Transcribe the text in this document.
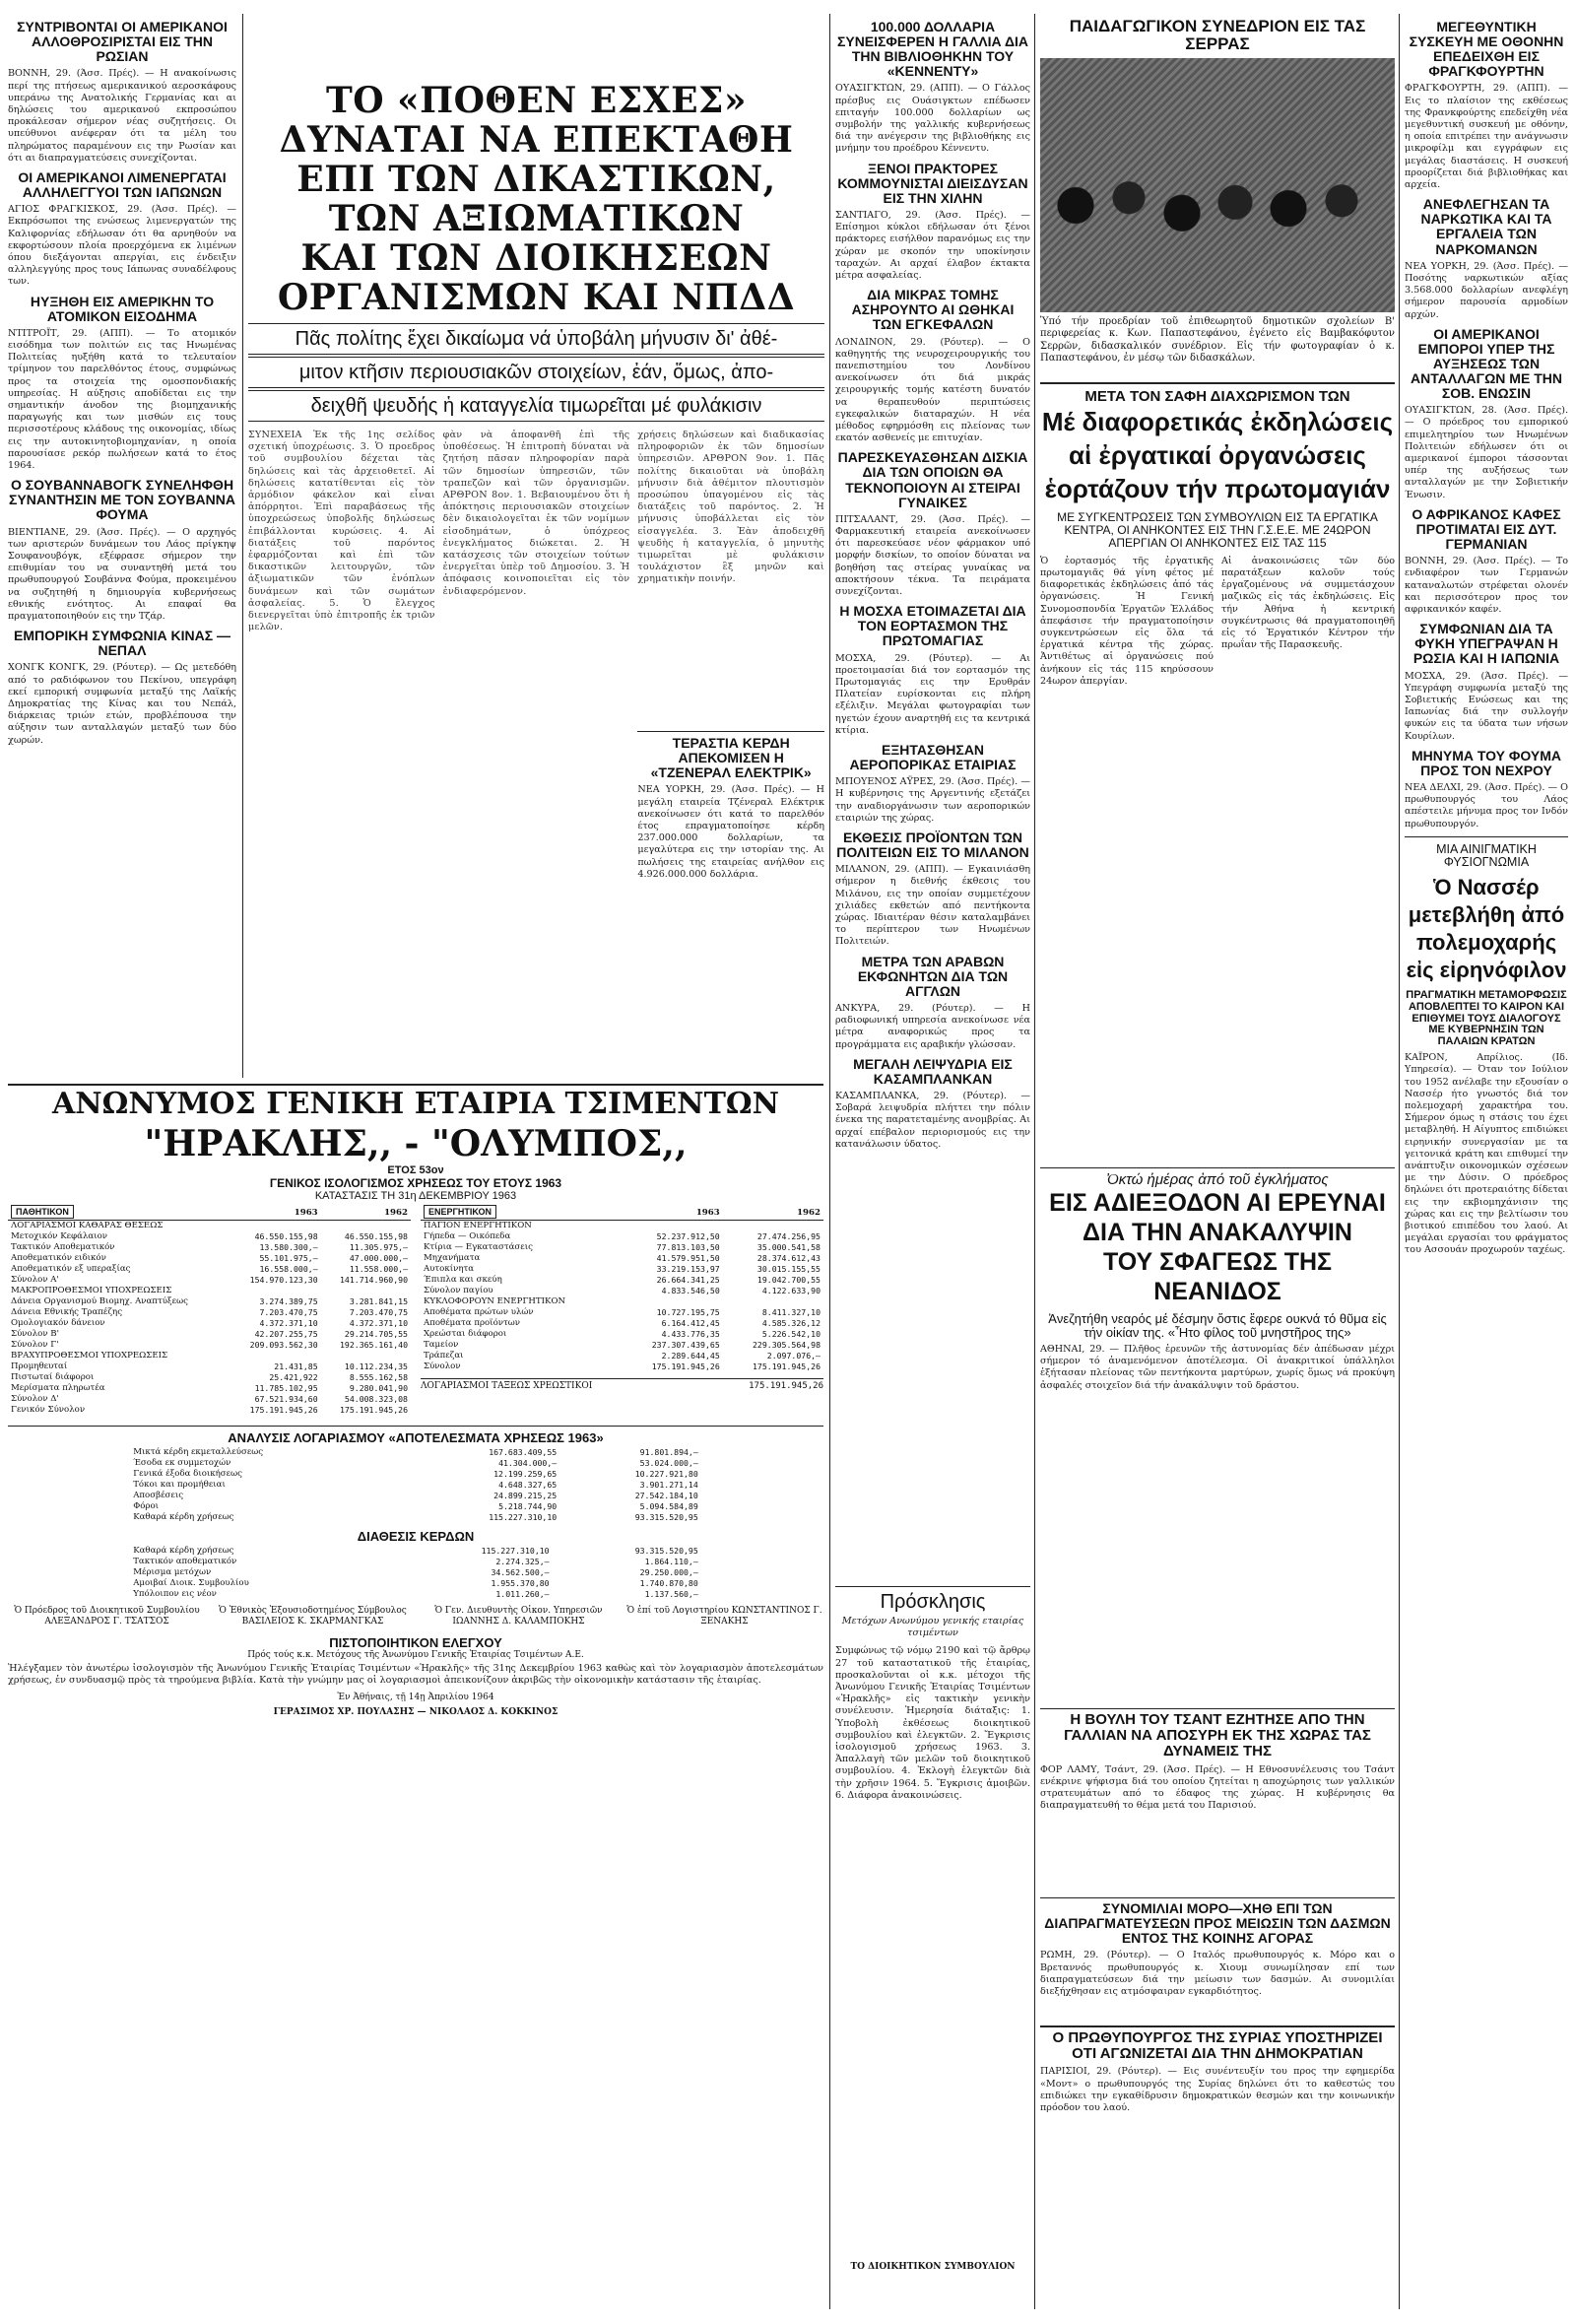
ΣΥΝΤΡΙΒΟΝΤΑΙ ΟΙ ΑΜΕΡΙΚΑΝΟΙ ΑΛΛΟΘΡΟΣΙΡΙΣΤΑΙ ΕΙΣ ΤΗΝ ΡΩΣΙΑΝ
ΒΟΝΝΗ, 29. (Άσσ. Πρές). — Η ανακοίνωσις περί της πτήσεως αμερικανικού αεροσκάφους υπεράνω της Ανατολικής Γερμανίας και αι δηλώσεις του αμερικανού εκπροσώπου προκάλεσαν σήμερον νέας συζητήσεις. Οι υπεύθυνοι ανέφεραν ότι τα μέλη του πληρώματος παραμένουν εις την Ρωσίαν και ότι αι διαπραγματεύσεις συνεχίζονται.
ΟΙ ΑΜΕΡΙΚΑΝΟΙ ΛΙΜΕΝΕΡΓΑΤΑΙ ΑΛΛΗΛΕΓΓΥΟΙ ΤΩΝ ΙΑΠΩΝΩΝ
ΑΓΙΟΣ ΦΡΑΓΚΙΣΚΟΣ, 29. (Άσσ. Πρές). — Εκπρόσωποι της ενώσεως λιμενεργατών της Καλιφορνίας εδήλωσαν ότι θα αρνηθούν να εκφορτώσουν πλοία προερχόμενα εκ λιμένων όπου διεξάγονται απεργίαι, εις ένδειξιν αλληλεγγύης προς τους Ιάπωνας συναδέλφους των.
ΗΥΞΗΘΗ ΕΙΣ ΑΜΕΡΙΚΗΝ ΤΟ ΑΤΟΜΙΚΟΝ ΕΙΣΟΔΗΜΑ
ΝΤΙΤΡΟΪΤ, 29. (ΑΠΠ). — Το ατομικόν εισόδημα των πολιτών εις τας Ηνωμένας Πολιτείας ηυξήθη κατά το τελευταίον τρίμηνον του παρελθόντος έτους, συμφώνως προς τα στοιχεία της ομοσπονδιακής υπηρεσίας. Η αύξησις αποδίδεται εις την σημαντικήν άνοδον της βιομηχανικής παραγωγής και των μισθών εις τους περισσοτέρους κλάδους της οικονομίας, ιδίως εις την αυτοκινητοβιομηχανίαν, η οποία παρουσίασε ρεκόρ πωλήσεων κατά το έτος 1964.
Ο ΣΟΥΒΑΝΝΑΒΟΓΚ ΣΥΝΕΛΗΦΘΗ ΣΥΝΑΝΤΗΣΙΝ ΜΕ ΤΟΝ ΣΟΥΒΑΝΝΑ ΦΟΥΜΑ
ΒΙΕΝΤΙΑΝΕ, 29. (Άσσ. Πρές). — Ο αρχηγός των αριστερών δυνάμεων του Λάος πρίγκηψ Σουφανουβόγκ, εξέφρασε σήμερον την επιθυμίαν του να συναντηθή μετά του πρωθυπουργού Σουβάννα Φούμα, προκειμένου να συζητηθή η δημιουργία κυβερνήσεως εθνικής ενότητος. Αι επαφαί θα πραγματοποιηθούν εις την Τζάρ.
ΕΜΠΟΡΙΚΗ ΣΥΜΦΩΝΙΑ ΚΙΝΑΣ — ΝΕΠΑΛ
ΧΟΝΓΚ ΚΟΝΓΚ, 29. (Ρόυτερ). — Ως μετεδόθη από το ραδιόφωνον του Πεκίνου, υπεγράφη εκεί εμπορική συμφωνία μεταξύ της Λαϊκής Δημοκρατίας της Κίνας και του Νεπάλ, διάρκειας τριών ετών, προβλέπουσα την αύξησιν των ανταλλαγών μεταξύ των δύο χωρών.
ΤΟ «ΠΟΘΕΝ ΕΣΧΕΣ» ΔΥΝΑΤΑΙ ΝΑ ΕΠΕΚΤΑΘΗ
ΕΠΙ ΤΩΝ ΔΙΚΑΣΤΙΚΩΝ, ΤΩΝ ΑΞΙΩΜΑΤΙΚΩΝ
ΚΑΙ ΤΩΝ ΔΙΟΙΚΗΣΕΩΝ ΟΡΓΑΝΙΣΜΩΝ ΚΑΙ ΝΠΔΔ
Πᾶς πολίτης ἔχει δικαίωμα νά ὑποβάλη μήνυσιν δι' ἀθέ-
μιτον κτῆσιν περιουσιακῶν στοιχείων, ἐάν, ὅμως, ἀπο-
δειχθῆ ψευδής ἡ καταγγελία τιμωρεῖται μέ φυλάκισιν
ΣΥΝΕΧΕΙΑ Ἐκ τῆς 1ης σελίδος σχετική ὑποχρέωσις. 3. Ὁ προεδρος τοῦ συμβουλίου δέχεται τὰς δηλώσεις καὶ τὰς ἀρχειοθετεῖ. Αἱ δηλώσεις κατατίθενται εἰς τὸν ἁρμόδιον φάκελον καὶ εἶναι ἀπόρρητοι. Ἐπὶ παραβάσεως τῆς ὑποχρεώσεως ὑποβολῆς δηλώσεως ἐπιβάλλονται κυρώσεις. 4. Αἱ διατάξεις τοῦ παρόντος ἐφαρμόζονται καὶ ἐπὶ τῶν δικαστικῶν λειτουργῶν, τῶν ἀξιωματικῶν τῶν ἐνόπλων δυνάμεων καὶ τῶν σωμάτων ἀσφαλείας. 5. Ὁ ἔλεγχος διενεργεῖται ὑπὸ ἐπιτροπῆς ἐκ τριῶν μελῶν.
φὰν νὰ ἀποφανθῆ ἐπὶ τῆς ὑποθέσεως. Ἡ ἐπιτροπὴ δύναται νὰ ζητήση πᾶσαν πληροφορίαν παρὰ τῶν δημοσίων ὑπηρεσιῶν, τῶν τραπεζῶν καὶ τῶν ὀργανισμῶν. ΑΡΘΡΟΝ 8ον. 1. Βεβαιουμένου ὅτι ἡ ἀπόκτησις περιουσιακῶν στοιχείων δὲν δικαιολογεῖται ἐκ τῶν νομίμων εἰσοδημάτων, ὁ ὑπόχρεος ἐνεγκλήματος διώκεται. 2. Ἡ κατάσχεσις τῶν στοιχείων τούτων ἐνεργεῖται ὑπὲρ τοῦ Δημοσίου. 3. Ἡ ἀπόφασις κοινοποιεῖται εἰς τὸν ἐνδιαφερόμενον.
χρήσεις δηλώσεων καὶ διαδικασίας πληροφοριῶν ἐκ τῶν δημοσίων ὑπηρεσιῶν. ΑΡΘΡΟΝ 9ον. 1. Πᾶς πολίτης δικαιοῦται νὰ ὑποβάλη μήνυσιν διὰ ἀθέμιτον πλουτισμὸν προσώπου ὑπαγομένου εἰς τὰς διατάξεις τοῦ παρόντος. 2. Ἡ μήνυσις ὑποβάλλεται εἰς τὸν εἰσαγγελέα. 3. Ἐὰν ἀποδειχθῆ ψευδὴς ἡ καταγγελία, ὁ μηνυτὴς τιμωρεῖται μὲ φυλάκισιν τουλάχιστον ἓξ μηνῶν καὶ χρηματικὴν ποινήν.
ΤΕΡΑΣΤΙΑ ΚΕΡΔΗ ΑΠΕΚΟΜΙΣΕΝ Η «ΤΖΕΝΕΡΑΛ ΕΛΕΚΤΡΙΚ»
ΝΕΑ ΥΟΡΚΗ, 29. (Άσσ. Πρές). — Η μεγάλη εταιρεία Τζένεραλ Ελέκτρικ ανεκοίνωσεν ότι κατά το παρελθόν έτος επραγματοποίησε κέρδη 237.000.000 δολλαρίων, τα μεγαλύτερα εις την ιστορίαν της. Αι πωλήσεις της εταιρείας ανήλθον εις 4.926.000.000 δολλάρια.
100.000 ΔΟΛΛΑΡΙΑ ΣΥΝΕΙΣΦΕΡΕΝ Η ΓΑΛΛΙΑ ΔΙΑ ΤΗΝ ΒΙΒΛΙΟΘΗΚΗΝ ΤΟΥ «ΚΕΝΝΕΝΤΥ»
ΟΥΑΣΙΓΚΤΩΝ, 29. (ΑΠΠ). — Ο Γάλλος πρέσβυς εις Ουάσιγκτων επέδωσεν επιταγήν 100.000 δολλαρίων ως συμβολήν της γαλλικής κυβερνήσεως διά την ανέγερσιν της βιβλιοθήκης εις μνήμην του προέδρου Κέννεντυ.
ΞΕΝΟΙ ΠΡΑΚΤΟΡΕΣ ΚΟΜΜΟΥΝΙΣΤΑΙ ΔΙΕΙΣΔΥΣΑΝ ΕΙΣ ΤΗΝ ΧΙΛΗΝ
ΣΑΝΤΙΑΓΟ, 29. (Άσσ. Πρές). — Επίσημοι κύκλοι εδήλωσαν ότι ξένοι πράκτορες εισήλθον παρανόμως εις την χώραν με σκοπόν την υποκίνησιν ταραχών. Αι αρχαί έλαβον έκτακτα μέτρα ασφαλείας.
ΔΙΑ ΜΙΚΡΑΣ ΤΟΜΗΣ ΑΣΗΡΟΥΝΤΟ ΑΙ ΩΘΗΚΑΙ ΤΩΝ ΕΓΚΕΦΑΛΩΝ
ΛΟΝΔΙΝΟΝ, 29. (Ρόυτερ). — Ο καθηγητής της νευροχειρουργικής του πανεπιστημίου του Λονδίνου ανεκοίνωσεν ότι διά μικράς χειρουργικής τομής κατέστη δυνατόν να θεραπευθούν περιπτώσεις εγκεφαλικών διαταραχών. Η νέα μέθοδος εφηρμόσθη εις πλείονας των εκατόν ασθενείς με επιτυχίαν.
ΠΑΡΕΣΚΕΥΑΣΘΗΣΑΝ ΔΙΣΚΙΑ ΔΙΑ ΤΩΝ ΟΠΟΙΩΝ ΘΑ ΤΕΚΝΟΠΟΙΟΥΝ ΑΙ ΣΤΕΙΡΑΙ ΓΥΝΑΙΚΕΣ
ΠΙΤΣΑΛΑΝΤ, 29. (Άσσ. Πρές). — Φαρμακευτική εταιρεία ανεκοίνωσεν ότι παρεσκεύασε νέον φάρμακον υπό μορφήν δισκίων, το οποίον δύναται να βοηθήση τας στείρας γυναίκας να αποκτήσουν τέκνα. Τα πειράματα συνεχίζονται.
Η ΜΟΣΧΑ ΕΤΟΙΜΑΖΕΤΑΙ ΔΙΑ ΤΟΝ ΕΟΡΤΑΣΜΟΝ ΤΗΣ ΠΡΩΤΟΜΑΓΙΑΣ
ΜΟΣΧΑ, 29. (Ρόυτερ). — Αι προετοιμασίαι διά τον εορτασμόν της Πρωτομαγιάς εις την Ερυθράν Πλατείαν ευρίσκονται εις πλήρη εξέλιξιν. Μεγάλαι φωτογραφίαι των ηγετών έχουν αναρτηθή εις τα κεντρικά κτίρια.
ΕΞΗΤΑΣΘΗΣΑΝ ΑΕΡΟΠΟΡΙΚΑΣ ΕΤΑΙΡΙΑΣ
ΜΠΟΥΕΝΟΣ ΑΫΡΕΣ, 29. (Άσσ. Πρές). — Η κυβέρνησις της Αργεντινής εξετάζει την αναδιοργάνωσιν των αεροπορικών εταιριών της χώρας.
ΕΚΘΕΣΙΣ ΠΡΟΪΟΝΤΩΝ ΤΩΝ ΠΟΛΙΤΕΙΩΝ ΕΙΣ ΤΟ ΜΙΛΑΝΟΝ
ΜΙΛΑΝΟΝ, 29. (ΑΠΠ). — Εγκαινιάσθη σήμερον η διεθνής έκθεσις του Μιλάνου, εις την οποίαν συμμετέχουν χιλιάδες εκθετών από πεντήκοντα χώρας. Ιδιαιτέραν θέσιν καταλαμβάνει το περίπτερον των Ηνωμένων Πολιτειών.
ΜΕΤΡΑ ΤΩΝ ΑΡΑΒΩΝ ΕΚΦΩΝΗΤΩΝ ΔΙΑ ΤΩΝ ΑΓΓΛΩΝ
ΑΝΚΥΡΑ, 29. (Ρόυτερ). — Η ραδιοφωνική υπηρεσία ανεκοίνωσε νέα μέτρα αναφορικώς προς τα προγράμματα εις αραβικήν γλώσσαν.
ΜΕΓΑΛΗ ΛΕΙΨΥΔΡΙΑ ΕΙΣ ΚΑΣΑΜΠΛΑΝΚΑΝ
ΚΑΣΑΜΠΛΑΝΚΑ, 29. (Ρόυτερ). — Σοβαρά λειψυδρία πλήττει την πόλιν ένεκα της παρατεταμένης ανομβρίας. Αι αρχαί επέβαλον περιορισμούς εις την κατανάλωσιν ύδατος.
Πρόσκλησις
Μετόχων Ανωνύμου γενικής εταιρίας τσιμέντων
Συμφώνως τῷ νόμῳ 2190 καὶ τῷ ἄρθρῳ 27 τοῦ καταστατικοῦ τῆς ἑταιρίας, προσκαλοῦνται οἱ κ.κ. μέτοχοι τῆς Ἀνωνύμου Γενικῆς Ἑταιρίας Τσιμέντων «Ἡρακλῆς» εἰς τακτικὴν γενικὴν συνέλευσιν. Ἡμερησία διάταξις: 1. Ὑποβολὴ ἐκθέσεως διοικητικοῦ συμβουλίου καὶ ἐλεγκτῶν. 2. Ἔγκρισις ἰσολογισμοῦ χρήσεως 1963. 3. Ἀπαλλαγὴ τῶν μελῶν τοῦ διοικητικοῦ συμβουλίου. 4. Ἐκλογὴ ἐλεγκτῶν διὰ τὴν χρῆσιν 1964. 5. Ἔγκρισις ἀμοιβῶν. 6. Διάφορα ἀνακοινώσεις.
ΤΟ ΔΙΟΙΚΗΤΙΚΟΝ ΣΥΜΒΟΥΛΙΟΝ
ΠΑΙΔΑΓΩΓΙΚΟΝ ΣΥΝΕΔΡΙΟΝ ΕΙΣ ΤΑΣ ΣΕΡΡΑΣ
Ὑπό τήν προεδρίαν τοῦ ἐπιθεωρητοῦ δημοτικῶν σχολείων Β' περιφερείας κ. Κων. Παπαστεφάνου, ἐγένετο εἰς Βαμβακόφυτον Σερρῶν, διδασκαλικόν συνέδριον. Εἰς τήν φωτογραφίαν ὁ κ. Παπαστεφάνου, ἐν μέσῳ τῶν διδασκάλων.
ΜΕΤΑ ΤΟΝ ΣΑΦΗ ΔΙΑΧΩΡΙΣΜΟΝ ΤΩΝ
Μέ διαφορετικάς ἐκδηλώσεις
αἱ ἐργατικαί ὀργανώσεις
ἑορτάζουν τήν πρωτομαγιάν
ΜΕ ΣΥΓΚΕΝΤΡΩΣΕΙΣ ΤΩΝ ΣΥΜΒΟΥΛΙΩΝ ΕΙΣ ΤΑ ΕΡΓΑΤΙΚΑ ΚΕΝΤΡΑ, ΟΙ ΑΝΗΚΟΝΤΕΣ ΕΙΣ ΤΗΝ Γ.Σ.Ε.Ε. ΜΕ 24ΩΡΟΝ ΑΠΕΡΓΙΑΝ ΟΙ ΑΝΗΚΟΝΤΕΣ ΕΙΣ ΤΑΣ 115
Ὁ ἑορτασμός τῆς ἐργατικῆς πρωτομαγιᾶς θά γίνη φέτος μέ διαφορετικάς ἐκδηλώσεις ἀπό τάς ὀργανώσεις. Ἡ Γενική Συνομοσπονδία Ἐργατῶν Ἑλλάδος ἀπεφάσισε τήν πραγματοποίησιν συγκεντρώσεων εἰς ὅλα τά ἐργατικά κέντρα τῆς χώρας. Ἀντιθέτως αἱ ὀργανώσεις πού ἀνήκουν εἰς τάς 115 κηρύσσουν 24ωρον ἀπεργίαν.
Αἱ ἀνακοινώσεις τῶν δύο παρατάξεων καλοῦν τούς ἐργαζομένους νά συμμετάσχουν μαζικῶς εἰς τάς ἐκδηλώσεις. Εἰς τήν Ἀθήνα ἡ κεντρική συγκέντρωσις θά πραγματοποιηθῆ εἰς τό Ἐργατικόν Κέντρον τήν πρωΐαν τῆς Παρασκευῆς.
Ὀκτώ ἡμέρας ἀπό τοῦ ἐγκλήματος
ΕΙΣ ΑΔΙΕΞΟΔΟΝ ΑΙ ΕΡΕΥΝΑΙ
ΔΙΑ ΤΗΝ ΑΝΑΚΑΛΥΨΙΝ
ΤΟΥ ΣΦΑΓΕΩΣ ΤΗΣ ΝΕΑΝΙΔΟΣ
Ἀνεζητήθη νεαρός μέ δέσμην ὅστις ἔφερε ουκνά τό θῦμα εἰς τήν οἰκίαν της. «Ἦτο φίλος τοῦ μνηστῆρος της»
ΑΘΗΝΑΙ, 29. — Πλῆθος ἐρευνῶν τῆς ἀστυνομίας δέν ἀπέδωσαν μέχρι σήμερον τό ἀναμενόμενον ἀποτέλεσμα. Οἱ ἀνακριτικοί ὑπάλληλοι ἐξήτασαν πλείονας τῶν πεντήκοντα μαρτύρων, χωρίς ὅμως νά προκύψη ἀσφαλές στοιχεῖον διά τήν ἀνακάλυψιν τοῦ δράστου.
Η ΒΟΥΛΗ ΤΟΥ ΤΣΑΝΤ ΕΖΗΤΗΣΕ ΑΠΟ ΤΗΝ ΓΑΛΛΙΑΝ ΝΑ ΑΠΟΣΥΡΗ ΕΚ ΤΗΣ ΧΩΡΑΣ ΤΑΣ ΔΥΝΑΜΕΙΣ ΤΗΣ
ΦΟΡ ΛΑΜΥ, Τσάντ, 29. (Άσσ. Πρές). — Η Εθνοσυνέλευσις του Τσάντ ενέκρινε ψήφισμα διά του οποίου ζητείται η αποχώρησις των γαλλικών στρατευμάτων από το έδαφος της χώρας. Η κυβέρνησις θα διαπραγματευθή το θέμα μετά του Παρισιού.
ΣΥΝΟΜΙΛΙΑΙ ΜΟΡΟ—ΧΗΘ ΕΠΙ ΤΩΝ ΔΙΑΠΡΑΓΜΑΤΕΥΣΕΩΝ ΠΡΟΣ ΜΕΙΩΣΙΝ ΤΩΝ ΔΑΣΜΩΝ ΕΝΤΟΣ ΤΗΣ ΚΟΙΝΗΣ ΑΓΟΡΑΣ
ΡΩΜΗ, 29. (Ρόυτερ). — Ο Ιταλός πρωθυπουργός κ. Μόρο και ο Βρεταννός πρωθυπουργός κ. Χιουμ συνωμίλησαν επί των διαπραγματεύσεων διά την μείωσιν των δασμών. Αι συνομιλίαι διεξήχθησαν εις ατμόσφαιραν εγκαρδιότητος.
Ο ΠΡΩΘΥΠΟΥΡΓΟΣ ΤΗΣ ΣΥΡΙΑΣ ΥΠΟΣΤΗΡΙΖΕΙ ΟΤΙ ΑΓΩΝΙΖΕΤΑΙ ΔΙΑ ΤΗΝ ΔΗΜΟΚΡΑΤΙΑΝ
ΠΑΡΙΣΙΟΙ, 29. (Ρόυτερ). — Εις συνέντευξίν του προς την εφημερίδα «Μοντ» ο πρωθυπουργός της Συρίας δηλώνει ότι το καθεστώς του επιδιώκει την εγκαθίδρυσιν δημοκρατικών θεσμών και την κοινωνικήν πρόοδον του λαού.
ΜΕΓΕΘΥΝΤΙΚΗ ΣΥΣΚΕΥΗ ΜΕ ΟΘΟΝΗΝ ΕΠΕΔΕΙΧΘΗ ΕΙΣ ΦΡΑΓΚΦΟΥΡΤΗΝ
ΦΡΑΓΚΦΟΥΡΤΗ, 29. (ΑΠΠ). — Εις το πλαίσιον της εκθέσεως της Φρανκφούρτης επεδείχθη νέα μεγεθυντική συσκευή με οθόνην, η οποία επιτρέπει την ανάγνωσιν μικροφίλμ και εγγράφων εις μεγάλας διαστάσεις. Η συσκευή προορίζεται διά βιβλιοθήκας και αρχεία.
ΑΝΕΦΛΕΓΗΣΑΝ ΤΑ ΝΑΡΚΩΤΙΚΑ ΚΑΙ ΤΑ ΕΡΓΑΛΕΙΑ ΤΩΝ ΝΑΡΚΟΜΑΝΩΝ
ΝΕΑ ΥΟΡΚΗ, 29. (Άσσ. Πρές). — Ποσότης ναρκωτικών αξίας 3.568.000 δολλαρίων ανεφλέγη σήμερον παρουσία αρμοδίων αρχών.
ΟΙ ΑΜΕΡΙΚΑΝΟΙ ΕΜΠΟΡΟΙ ΥΠΕΡ ΤΗΣ ΑΥΞΗΣΕΩΣ ΤΩΝ ΑΝΤΑΛΛΑΓΩΝ ΜΕ ΤΗΝ ΣΟΒ. ΕΝΩΣΙΝ
ΟΥΑΣΙΓΚΤΩΝ, 28. (Άσσ. Πρές). — Ο πρόεδρος του εμπορικού επιμελητηρίου των Ηνωμένων Πολιτειών εδήλωσεν ότι οι αμερικανοί έμποροι τάσσονται υπέρ της αυξήσεως των ανταλλαγών με την Σοβιετικήν Ένωσιν.
Ο ΑΦΡΙΚΑΝΟΣ ΚΑΦΕΣ ΠΡΟΤΙΜΑΤΑΙ ΕΙΣ ΔΥΤ. ΓΕΡΜΑΝΙΑΝ
ΒΟΝΝΗ, 29. (Άσσ. Πρές). — Το ενδιαφέρον των Γερμανών καταναλωτών στρέφεται ολονέν και περισσότερον προς τον αφρικανικόν καφέν.
ΣΥΜΦΩΝΙΑΝ ΔΙΑ ΤΑ ΦΥΚΗ ΥΠΕΓΡΑΨΑΝ Η ΡΩΣΙΑ ΚΑΙ Η ΙΑΠΩΝΙΑ
ΜΟΣΧΑ, 29. (Άσσ. Πρές). — Υπεγράφη συμφωνία μεταξύ της Σοβιετικής Ενώσεως και της Ιαπωνίας διά την συλλογήν φυκών εις τα ύδατα των νήσων Κουρίλων.
ΜΗΝΥΜΑ ΤΟΥ ΦΟΥΜΑ ΠΡΟΣ ΤΟΝ ΝΕΧΡΟΥ
ΝΕΑ ΔΕΛΧΙ, 29. (Άσσ. Πρές). — Ο πρωθυπουργός του Λάος απέστειλε μήνυμα προς τον Ινδόν πρωθυπουργόν.
ΜΙΑ ΑΙΝΙΓΜΑΤΙΚΗ ΦΥΣΙΟΓΝΩΜΙΑ
Ὁ Νασσέρ μετεβλήθη ἀπό πολεμοχαρής εἰς εἰρηνόφιλον
ΠΡΑΓΜΑΤΙΚΗ ΜΕΤΑΜΟΡΦΩΣΙΣ ΑΠΟΒΛΕΠΤΕΙ ΤΟ ΚΑΙΡΟΝ ΚΑΙ ΕΠΙΘΥΜΕΙ ΤΟΥΣ ΔΙΑΛΟΓΟΥΣ ΜΕ ΚΥΒΕΡΝΗΣΙΝ ΤΩΝ ΠΑΛΑΙΩΝ ΚΡΑΤΩΝ
ΚΑΪΡΟΝ, Απρίλιος. (Ιδ. Υπηρεσία). — Όταν τον Ιούλιον του 1952 ανέλαβε την εξουσίαν ο Νασσέρ ήτο γνωστός διά τον πολεμοχαρή χαρακτήρα του. Σήμερον όμως η στάσις του έχει μεταβληθή. Η Αίγυπτος επιδιώκει ειρηνικήν συνεργασίαν με τα γειτονικά κράτη και επιθυμεί την ανάπτυξιν οικονομικών σχέσεων με την Δύσιν. Ο πρόεδρος δηλώνει ότι προτεραιότης δίδεται εις την εκβιομηχάνισιν της χώρας και εις την βελτίωσιν του βιοτικού επιπέδου του λαού. Αι μεγάλαι εργασίαι του φράγματος του Ασσουάν προχωρούν ταχέως.
ΑΝΩΝΥΜΟΣ ΓΕΝΙΚΗ ΕΤΑΙΡΙΑ ΤΣΙΜΕΝΤΩΝ
"ΗΡΑΚΛΗΣ,, - "ΟΛΥΜΠΟΣ,,
ΕΤΟΣ 53ον
ΓΕΝΙΚΟΣ ΙΣΟΛΟΓΙΣΜΟΣ ΧΡΗΣΕΩΣ ΤΟΥ ΕΤΟΥΣ 1963
ΚΑΤΑΣΤΑΣΙΣ ΤΗ 31η ΔΕΚΕΜΒΡΙΟΥ 1963
ΠΑΘΗΤΙΚΟΝ	1963	1962
ΛΟΓΑΡΙΑΣΜΟΙ ΚΑΘΑΡΑΣ ΘΕΣΕΩΣ		
Μετοχικόν Κεφάλαιον	46.550.155,98	46.550.155,98
Τακτικόν Αποθεματικόν	13.580.300,—	11.305.975,—
Αποθεματικόν ειδικόν	55.101.975,—	47.000.000,—
Αποθεματικόν εξ υπεραξίας	16.558.000,—	11.558.000,—
Σύνολον Α'	154.970.123,30	141.714.960,90
ΜΑΚΡΟΠΡΟΘΕΣΜΟΙ ΥΠΟΧΡΕΩΣΕΙΣ		
Δάνεια Οργανισμού Βιομηχ. Αναπτύξεως	3.274.389,75	3.281.841,15
Δάνεια Εθνικής Τραπέζης	7.203.470,75	7.203.470,75
Ομολογιακόν δάνειον	4.372.371,10	4.372.371,10
Σύνολον Β'	42.207.255,75	29.214.705,55
Σύνολον Γ'	209.093.562,30	192.365.161,40
ΒΡΑΧΥΠΡΟΘΕΣΜΟΙ ΥΠΟΧΡΕΩΣΕΙΣ		
Προμηθευταί	21.431,85	10.112.234,35
Πιστωταί διάφοροι	25.421,922	8.555.162,58
Μερίσματα πληρωτέα	11.785.102,95	9.280.041,90
Σύνολον Δ'	67.521.934,60	54.008.323,08
Γενικόν Σύνολον	175.191.945,26	175.191.945,26
ΕΝΕΡΓΗΤΙΚΟΝ	1963	1962
ΠΑΓΙΟΝ ΕΝΕΡΓΗΤΙΚΟΝ		
Γήπεδα — Οικόπεδα	52.237.912,50	27.474.256,95
Κτίρια — Εγκαταστάσεις	77.813.103,50	35.000.541,58
Μηχανήματα	41.579.951,50	28.374.612,43
Αυτοκίνητα	33.219.153,97	30.015.155,55
Έπιπλα και σκεύη	26.664.341,25	19.042.700,55
Σύνολον παγίου	4.833.546,50	4.122.633,90
ΚΥΚΛΟΦΟΡΟΥΝ ΕΝΕΡΓΗΤΙΚΟΝ		
Αποθέματα πρώτων υλών	10.727.195,75	8.411.327,10
Αποθέματα προϊόντων	6.164.412,45	4.585.326,12
Χρεώσται διάφοροι	4.433.776,35	5.226.542,10
Ταμείον	237.307.439,65	229.305.564,98
Τράπεζαι	2.289.644,45	2.097.076,—
Σύνολον	175.191.945,26	175.191.945,26
ΛΟΓΑΡΙΑΣΜΟΙ ΤΑΞΕΩΣ ΧΡΕΩΣΤΙΚΟΙ	175.191.945,26
ΑΝΑΛΥΣΙΣ ΛΟΓΑΡΙΑΣΜΟΥ «ΑΠΟΤΕΛΕΣΜΑΤΑ ΧΡΗΣΕΩΣ 1963»
Μικτά κέρδη εκμεταλλεύσεως	167.683.409,55	91.801.894,—
Έσοδα εκ συμμετοχών	41.304.000,—	53.024.000,—
Γενικά έξοδα διοικήσεως	12.199.259,65	10.227.921,80
Τόκοι και προμήθειαι	4.648.327,65	3.901.271,14
Αποσβέσεις	24.899.215,25	27.542.184,10
Φόροι	5.218.744,90	5.094.584,89
Καθαρά κέρδη χρήσεως	115.227.310,10	93.315.520,95
ΔΙΑΘΕΣΙΣ ΚΕΡΔΩΝ
Καθαρά κέρδη χρήσεως	115.227.310,10	93.315.520,95
Τακτικόν αποθεματικόν	2.274.325,—	1.864.110,—
Μέρισμα μετόχων	34.562.500,—	29.250.000,—
Αμοιβαί Διοικ. Συμβουλίου	1.955.370,80	1.740.870,80
Υπόλοιπον εις νέον	1.011.260,—	1.137.560,—
Ὁ Πρόεδρος τοῦ Διοικητικοῦ Συμβουλίου ΑΛΕΞΑΝΔΡΟΣ Γ. ΤΣΑΤΣΟΣ
Ὁ Ἐθνικὸς Ἐξουσιοδοτημένος Σύμβουλος ΒΑΣΙΛΕΙΟΣ Κ. ΣΚΑΡΜΑΝΓΚΑΣ
Ὁ Γεν. Διευθυντὴς Οἰκον. Υπηρεσιῶν ΙΩΑΝΝΗΣ Δ. ΚΑΛΑΜΠΟΚΗΣ
Ὁ ἐπί τοῦ Λογιστηρίου ΚΩΝΣΤΑΝΤΙΝΟΣ Γ. ΞΕΝΑΚΗΣ
ΠΙΣΤΟΠΟΙΗΤΙΚΟΝ ΕΛΕΓΧΟΥ
Πρός τούς κ.κ. Μετόχους τῆς Ἀνωνύμου Γενικῆς Ἑταιρίας Τσιμέντων Α.Ε.
Ἠλέγξαμεν τὸν ἀνωτέρω ἰσολογισμὸν τῆς Ἀνωνύμου Γενικῆς Ἑταιρίας Τσιμέντων «Ἡρακλῆς» τῆς 31ης Δεκεμβρίου 1963 καθὼς καὶ τὸν λογαριασμὸν ἀποτελεσμάτων χρήσεως, ἐν συνδυασμῷ πρὸς τὰ τηρούμενα βιβλία. Κατὰ τὴν γνώμην μας οἱ λογαριασμοὶ ἀπεικονίζουν ἀκριβῶς τὴν οἰκονομικὴν κατάστασιν τῆς ἑταιρίας.
Ἐν Ἀθήναις, τῇ 14ῃ Ἀπριλίου 1964
ΓΕΡΑΣΙΜΟΣ ΧΡ. ΠΟΥΛΑΣΗΣ — ΝΙΚΟΛΑΟΣ Δ. ΚΟΚΚΙΝΟΣ
